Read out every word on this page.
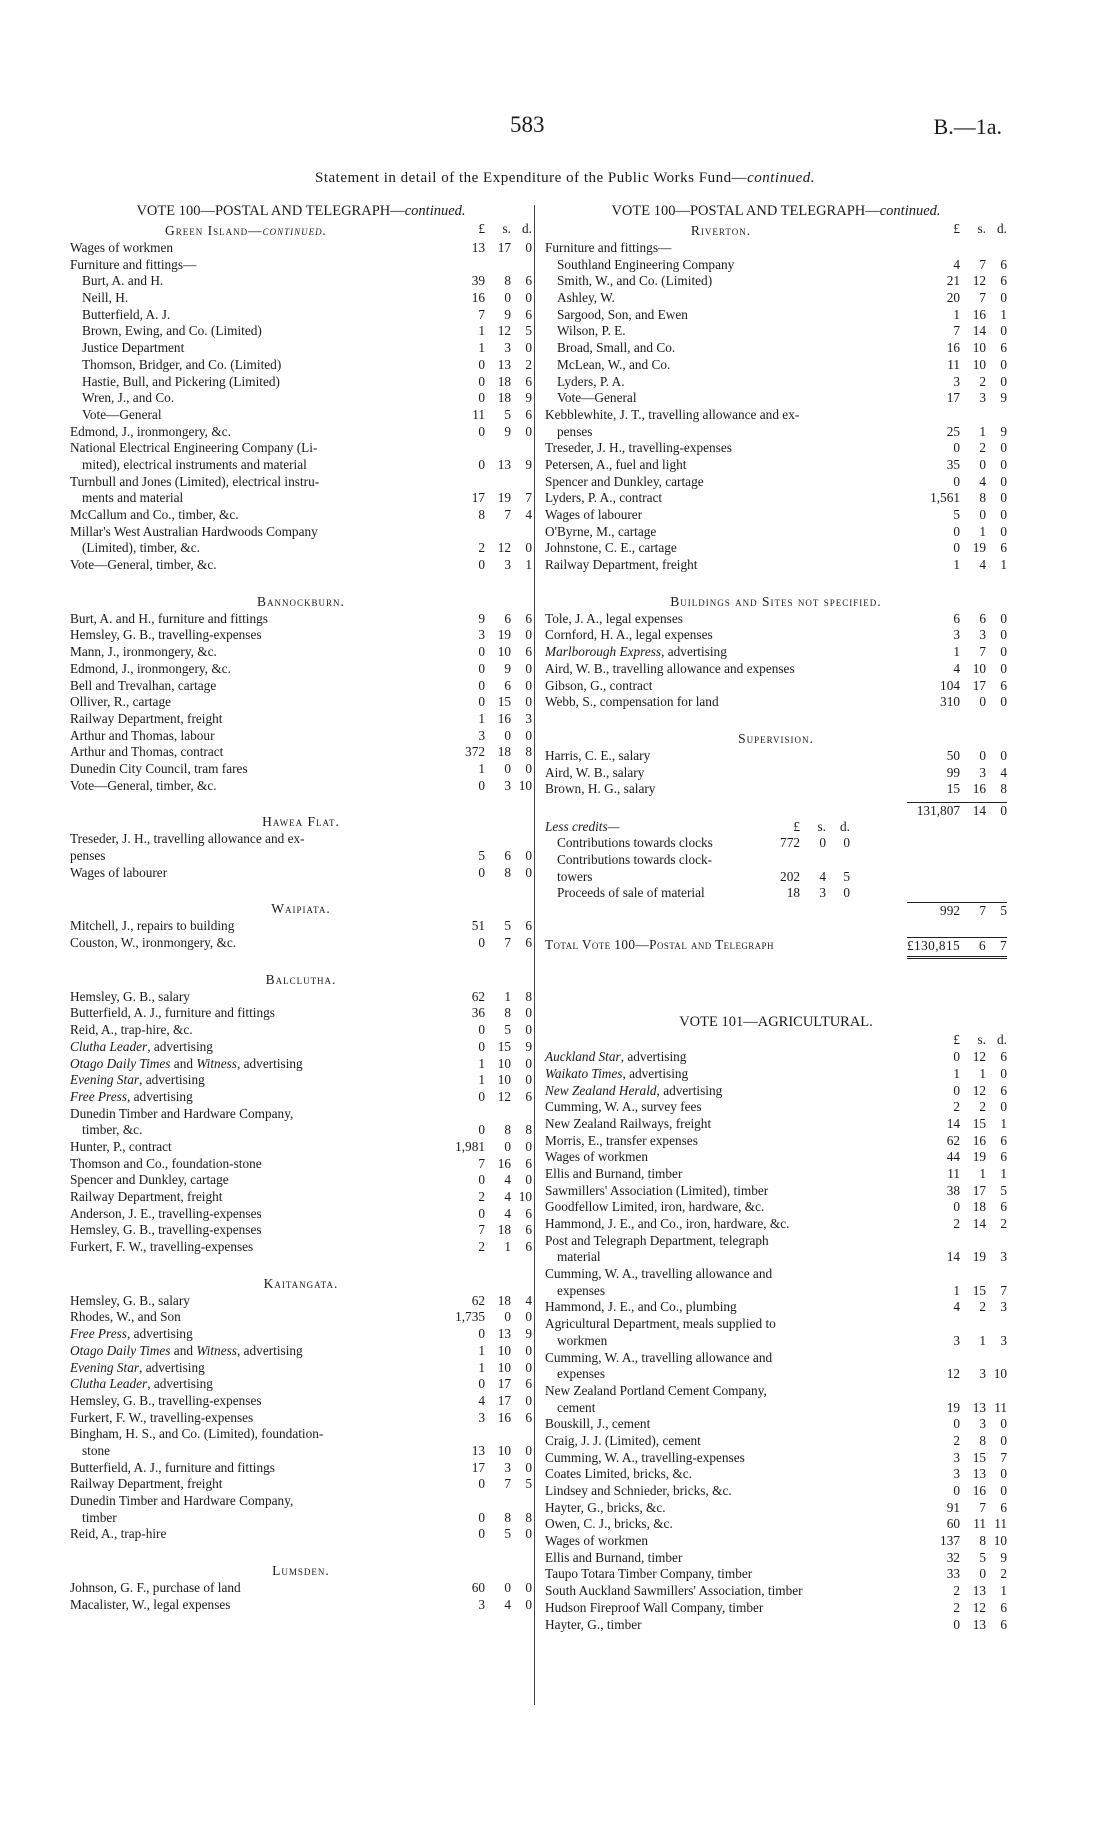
583	B.—1a.
Statement in detail of the Expenditure of the Public Works Fund—continued.
VOTE 100—POSTAL AND TELEGRAPH—continued.
Green Island—continued.	£	s. d.
Wages of workmen	13 17	0
Furniture and fittings—
Burt, A. and H.	39	8	6
Neill, H.	16	0	0
Butterfield, A. J.	7	9	6
Brown, Ewing, and Co. (Limited)	1 12	5
Justice Department	1	3	0
Thomson, Bridger, and Co. (Limited)	0 13	2
Hastie, Bull, and Pickering (Limited)	0 18	6
Wren, J., and Co.	0 18	9
Vote—General	11	5	6
Edmond, J., ironmongery, &c.	0	9	0
National Electrical Engineering Company (Li-
mited), electrical instruments and material	0 13	9
Turnbull and Jones (Limited), electrical instru-
ments and material	17 19	7
McCallum and Co., timber, &c.	8	7	4
Millar's West Australian Hardwoods Company
(Limited), timber, &c.	2 12	0
Vote—General, timber, &c.	0	3	1
Bannockburn.
Burt, A. and H., furniture and fittings	9	6	6
Hemsley, G. B., travelling-expenses	3 19	0
Mann, J., ironmongery, &c.	0 10	6
Edmond, J., ironmongery, &c.	0	9	0
Bell and Trevalhan, cartage	0	6	0
Olliver, R., cartage	0 15	0
Railway Department, freight	1 16	3
Arthur and Thomas, labour	3	0	0
Arthur and Thomas, contract	372 18	8
Dunedin City Council, tram fares	1	0	0
Vote—General, timber, &c.	0	3 10
Hawea Flat.
Treseder, J. H., travelling allowance and ex-
penses	5	6	0
Wages of labourer	0	8	0
Waipiata.
Mitchell, J., repairs to building	51	5	6
Couston, W., ironmongery, &c.	0	7	6
Balclutha.
Hemsley, G. B., salary	62	1	8
Butterfield, A. J., furniture and fittings	36	8	0
Reid, A., trap-hire, &c.	0	5	0
Clutha Leader, advertising	0 15	9
Otago Daily Times and Witness, advertising	1 10	0
Evening Star, advertising	1 10	0
Free Press, advertising	0 12	6
Dunedin Timber and Hardware Company,
timber, &c.	0	8	8
Hunter, P., contract	1,981	0	0
Thomson and Co., foundation-stone	7 16	6
Spencer and Dunkley, cartage	0	4	0
Railway Department, freight	2	4 10
Anderson, J. E., travelling-expenses	0	4	6
Hemsley, G. B., travelling-expenses	7 18	6
Furkert, F. W., travelling-expenses	2	1	6
Kaitangata.
Hemsley, G. B., salary	62 18	4
Rhodes, W., and Son	1,735	0	0
Free Press, advertising	0 13	9
Otago Daily Times and Witness, advertising	1 10	0
Evening Star, advertising	1 10	0
Clutha Leader, advertising	0 17	6
Hemsley, G. B., travelling-expenses	4 17	0
Furkert, F. W., travelling-expenses	3 16	6
Bingham, H. S., and Co. (Limited), foundation-
stone	13 10	0
Butterfield, A. J., furniture and fittings	17	3	0
Railway Department, freight	0	7	5
Dunedin Timber and Hardware Company,
timber	0	8	8
Reid, A., trap-hire	0	5	0
Lumsden.
Johnson, G. F., purchase of land	60	0	0
Macalister, W., legal expenses	3	4	0
VOTE 100—POSTAL AND TELEGRAPH—continued.
Riverton.	£	s. d.
Furniture and fittings—
Southland Engineering Company	4	7	6
Smith, W., and Co. (Limited)	21 12	6
Ashley, W.	20	7	0
Sargood, Son, and Ewen	1 16	1
Wilson, P. E.	7 14	0
Broad, Small, and Co.	16 10	6
McLean, W., and Co.	11 10	0
Lyders, P. A.	3	2	0
Vote—General	17	3	9
Kebblewhite, J. T., travelling allowance and ex-
penses	25	1	9
Treseder, J. H., travelling-expenses	0	2	0
Petersen, A., fuel and light	35	0	0
Spencer and Dunkley, cartage	0	4	0
Lyders, P. A., contract	1,561	8	0
Wages of labourer	5	0	0
O'Byrne, M., cartage	0	1	0
Johnstone, C. E., cartage	0 19	6
Railway Department, freight	1	4	1
Buildings and Sites not specified.
Tole, J. A., legal expenses	6	6	0
Cornford, H. A., legal expenses	3	3	0
Marlborough Express, advertising	1	7	0
Aird, W. B., travelling allowance and expenses	4 10	0
Gibson, G., contract	104 17	6
Webb, S., compensation for land	310	0	0
Supervision.
Harris, C. E., salary	50	0	0
Aird, W. B., salary	99	3	4
Brown, H. G., salary	15 16	8
131,807 14	0
Less credits—	£	s.	d.
Contributions towards clocks	772	0	0
Contributions towards clock-
towers	202	4	5
Proceeds of sale of material	18	3	0
992	7	5
Total Vote 100—Postal and Telegraph	£130,815	6	7
VOTE 101—AGRICULTURAL.
£	s. d.
Auckland Star, advertising	0 12	6
Waikato Times, advertising	1	1	0
New Zealand Herald, advertising	0 12	6
Cumming, W. A., survey fees	2	2	0
New Zealand Railways, freight	14 15	1
Morris, E., transfer expenses	62 16	6
Wages of workmen	44 19	6
Ellis and Burnand, timber	11	1	1
Sawmillers' Association (Limited), timber	38 17	5
Goodfellow Limited, iron, hardware, &c.	0 18	6
Hammond, J. E., and Co., iron, hardware, &c.	2 14	2
Post and Telegraph Department, telegraph
material	14 19	3
Cumming, W. A., travelling allowance and
expenses	1 15	7
Hammond, J. E., and Co., plumbing	4	2	3
Agricultural Department, meals supplied to
workmen	3	1	3
Cumming, W. A., travelling allowance and
expenses	12	3 10
New Zealand Portland Cement Company,
cement	19 13 11
Bouskill, J., cement	0	3	0
Craig, J. J. (Limited), cement	2	8	0
Cumming, W. A., travelling-expenses	3 15	7
Coates Limited, bricks, &c.	3 13	0
Lindsey and Schnieder, bricks, &c.	0 16	0
Hayter, G., bricks, &c.	91	7	6
Owen, C. J., bricks, &c.	60 11 11
Wages of workmen	137	8 10
Ellis and Burnand, timber	32	5	9
Taupo Totara Timber Company, timber	33	0	2
South Auckland Sawmillers' Association, timber	2 13	1
Hudson Fireproof Wall Company, timber	2 12	6
Hayter, G., timber	0 13	6
